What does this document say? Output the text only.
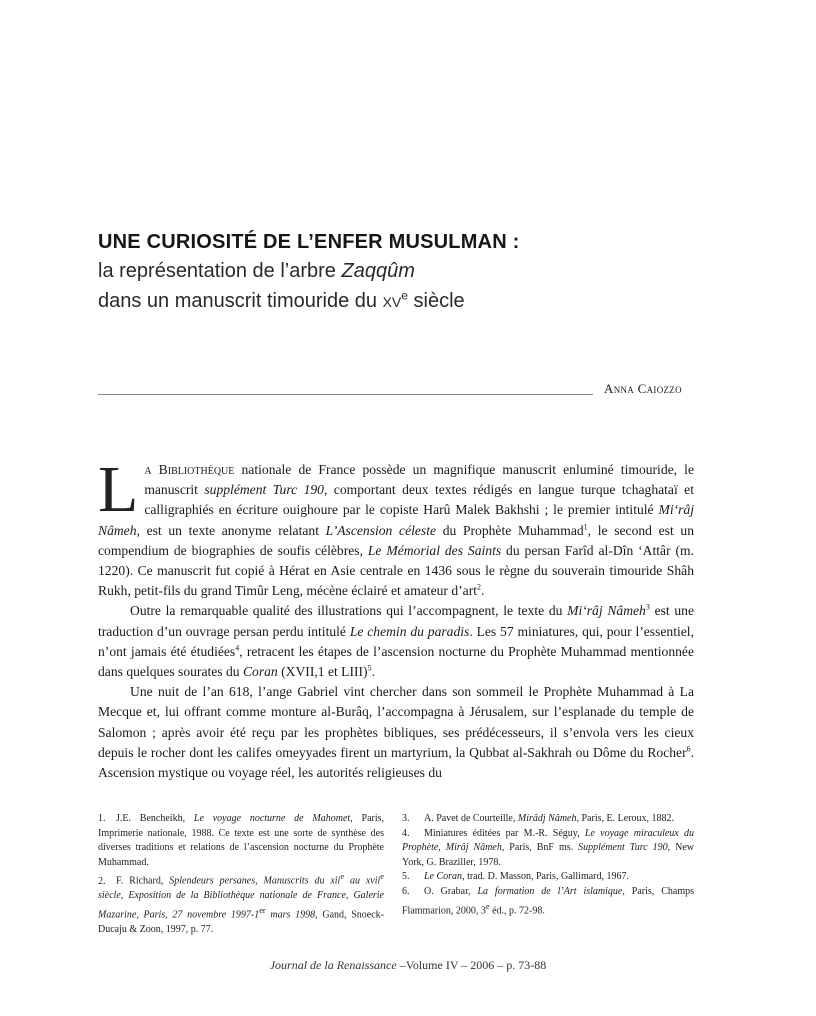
UNE CURIOSITÉ DE L’ENFER MUSULMAN :

la représentation de l’arbre Zaqqûm

dans un manuscrit timouride du $xv^e$ siècle

Anna Caiozzo

La Bibliothèque nationale de France possède un magnifique manuscrit enluminé timouride, le manuscrit supplément Turc 190, comportant deux textes rédigés en langue turque tchaghataï et calligraphiés en écriture ouighoure par le copiste Harû Malek Bakhshi ; le premier intitulé Mi‘râj Nâmeh, est un texte anonyme relatant L’Ascension céleste du Prophète Muhammad$^1$, le second est un compendium de biographies de soufis célèbres, Le Mémorial des Saints du persan Farîd al-Dîn ‘Attâr (m. 1220). Ce manuscrit fut copié à Hérat en Asie centrale en 1436 sous le règne du souverain timouride Shâh Rukh, petit-fils du grand Timûr Leng, mécène éclairé et amateur d’art$^2$.

Outre la remarquable qualité des illustrations qui l’accompagnent, le texte du Mi‘râj Nâmeh$^3$ est une traduction d’un ouvrage persan perdu intitulé Le chemin du paradis. Les 57 miniatures, qui, pour l’essentiel, n’ont jamais été étudiées$^4$, retracent les étapes de l’ascension nocturne du Prophète Muhammad mentionnée dans quelques sourates du Coran (XVII,1 et LIII)$^5$.

Une nuit de l’an 618, l’ange Gabriel vint chercher dans son sommeil le Prophète Muhammad à La Mecque et, lui offrant comme monture al-Burâq, l’accompagna à Jérusalem, sur l’esplanade du temple de Salomon ; après avoir été reçu par les prophètes bibliques, ses prédécesseurs, il s’envola vers les cieux depuis le rocher dont les califes omeyyades firent un martyrium, la Qubbat al-Sakhrah ou Dôme du Rocher$^6$. Ascension mystique ou voyage réel, les autorités religieuses du

1. J.E. Bencheikh, Le voyage nocturne de Mahomet, Paris, Imprimerie nationale, 1988. Ce texte est une sorte de synthèse des diverses traditions et relations de l’ascension nocturne du Prophète Muhammad.

2. F. Richard, Splendeurs persanes, Manuscrits du xii$^e$ au xvii$^e$ siècle, Exposition de la Bibliothèque nationale de France, Galerie Mazarine, Paris, 27 novembre 1997-1er mars 1998, Gand, Snoeck-Ducaju & Zoon, 1997, p. 77.

3. A. Pavet de Courteille, Mirâdj Nâmeh, Paris, E. Leroux, 1882.

4. Miniatures éditées par M.-R. Séguy, Le voyage miraculeux du Prophète, Mirâj Nâmeh, Paris, BnF ms. Supplément Turc 190, New York, G. Braziller, 1978.

5. Le Coran, trad. D. Masson, Paris, Gallimard, 1967.

6. O. Grabar, La formation de l’Art islamique, Paris, Champs Flammarion, 2000, 3e éd., p. 72-98.

Journal de la Renaissance –Volume IV – 2006 – p. 73-88
